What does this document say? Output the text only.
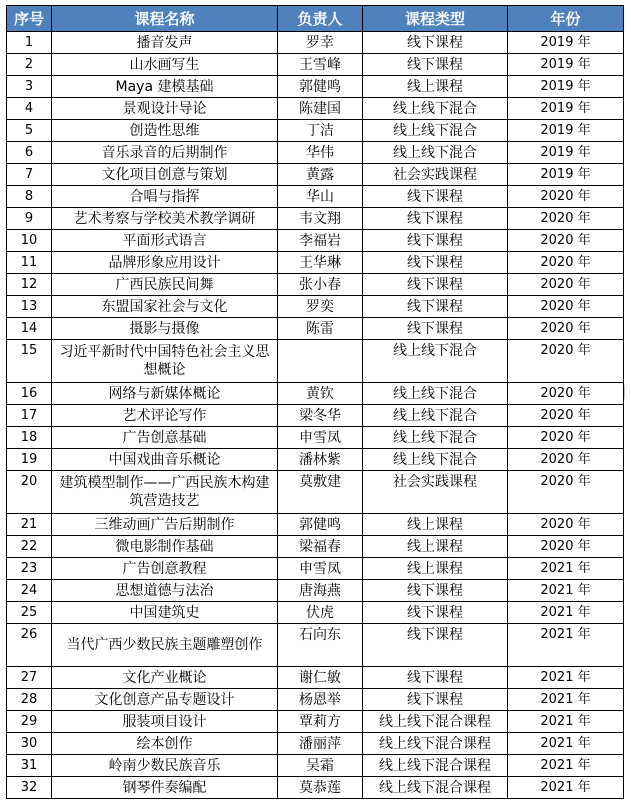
序号	课程名称	负责人	课程类型	年份
1	播音发声	罗幸	线下课程	2019 年
2	山水画写生	王雪峰	线下课程	2019 年
3	Maya 建模基础	郭健鸣	线上课程	2019 年
4	景观设计导论	陈建国	线上线下混合	2019 年
5	创造性思维	丁洁	线上线下混合	2019 年
6	音乐录音的后期制作	华伟	线上线下混合	2019 年
7	文化项目创意与策划	黄露	社会实践课程	2019 年
8	合唱与指挥	华山	线下课程	2020 年
9	艺术考察与学校美术教学调研	韦文翔	线下课程	2020 年
10	平面形式语言	李福岩	线下课程	2020 年
11	品牌形象应用设计	王华琳	线下课程	2020 年
12	广西民族民间舞	张小春	线下课程	2020 年
13	东盟国家社会与文化	罗奕	线下课程	2020 年
14	摄影与摄像	陈雷	线下课程	2020 年
15	习近平新时代中国特色社会主义思想概论		线上线下混合	2020 年
16	网络与新媒体概论	黄钦	线上线下混合	2020 年
17	艺术评论写作	梁冬华	线上线下混合	2020 年
18	广告创意基础	申雪凤	线上线下混合	2020 年
19	中国戏曲音乐概论	潘林紫	线上线下混合	2020 年
20	建筑模型制作——广西民族木构建筑营造技艺	莫敷建	社会实践课程	2020 年
21	三维动画广告后期制作	郭健鸣	线上课程	2020 年
22	微电影制作基础	梁福春	线上课程	2020 年
23	广告创意教程	申雪凤	线上课程	2021 年
24	思想道德与法治	唐海燕	线下课程	2021 年
25	中国建筑史	伏虎	线下课程	2021 年
26	当代广西少数民族主题雕塑创作	石向东	线下课程	2021 年
27	文化产业概论	谢仁敏	线下课程	2021 年
28	文化创意产品专题设计	杨恩举	线下课程	2021 年
29	服装项目设计	覃莉方	线上线下混合课程	2021 年
30	绘本创作	潘丽萍	线上线下混合课程	2021 年
31	岭南少数民族音乐	吴霜	线上线下混合课程	2021 年
32	钢琴件奏编配	莫恭莲	线上线下混合课程	2021 年
